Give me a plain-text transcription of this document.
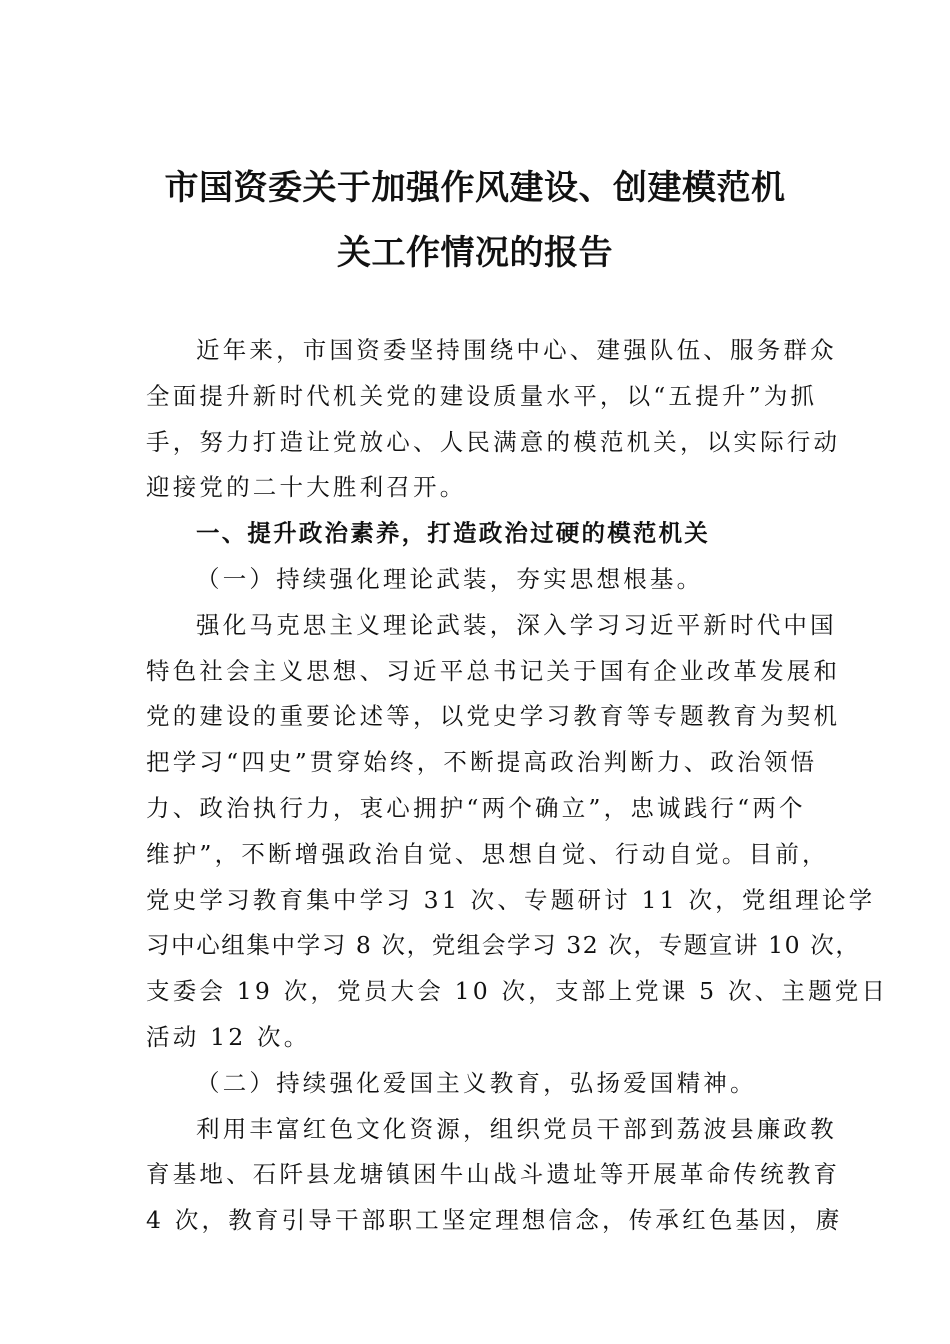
市国资委关于加强作风建设、创建模范机
关工作情况的报告
近年来，市国资委坚持围绕中心、建强队伍、服务群众
全面提升新时代机关党的建设质量水平，以“五提升”为抓
手，努力打造让党放心、人民满意的模范机关，以实际行动
迎接党的二十大胜利召开。
一、提升政治素养，打造政治过硬的模范机关
（一）持续强化理论武装，夯实思想根基。
强化马克思主义理论武装，深入学习习近平新时代中国
特色社会主义思想、习近平总书记关于国有企业改革发展和
党的建设的重要论述等，以党史学习教育等专题教育为契机
把学习“四史”贯穿始终，不断提高政治判断力、政治领悟
力、政治执行力，衷心拥护“两个确立”，忠诚践行“两个
维护”，不断增强政治自觉、思想自觉、行动自觉。目前，
党史学习教育集中学习 31 次、专题研讨 11 次，党组理论学
习中心组集中学习 8 次，党组会学习 32 次，专题宣讲 10 次，
支委会 19 次，党员大会 10 次，支部上党课 5 次、主题党日
活动 12 次。
（二）持续强化爱国主义教育，弘扬爱国精神。
利用丰富红色文化资源，组织党员干部到荔波县廉政教
育基地、石阡县龙塘镇困牛山战斗遗址等开展革命传统教育
4 次，教育引导干部职工坚定理想信念，传承红色基因，赓
